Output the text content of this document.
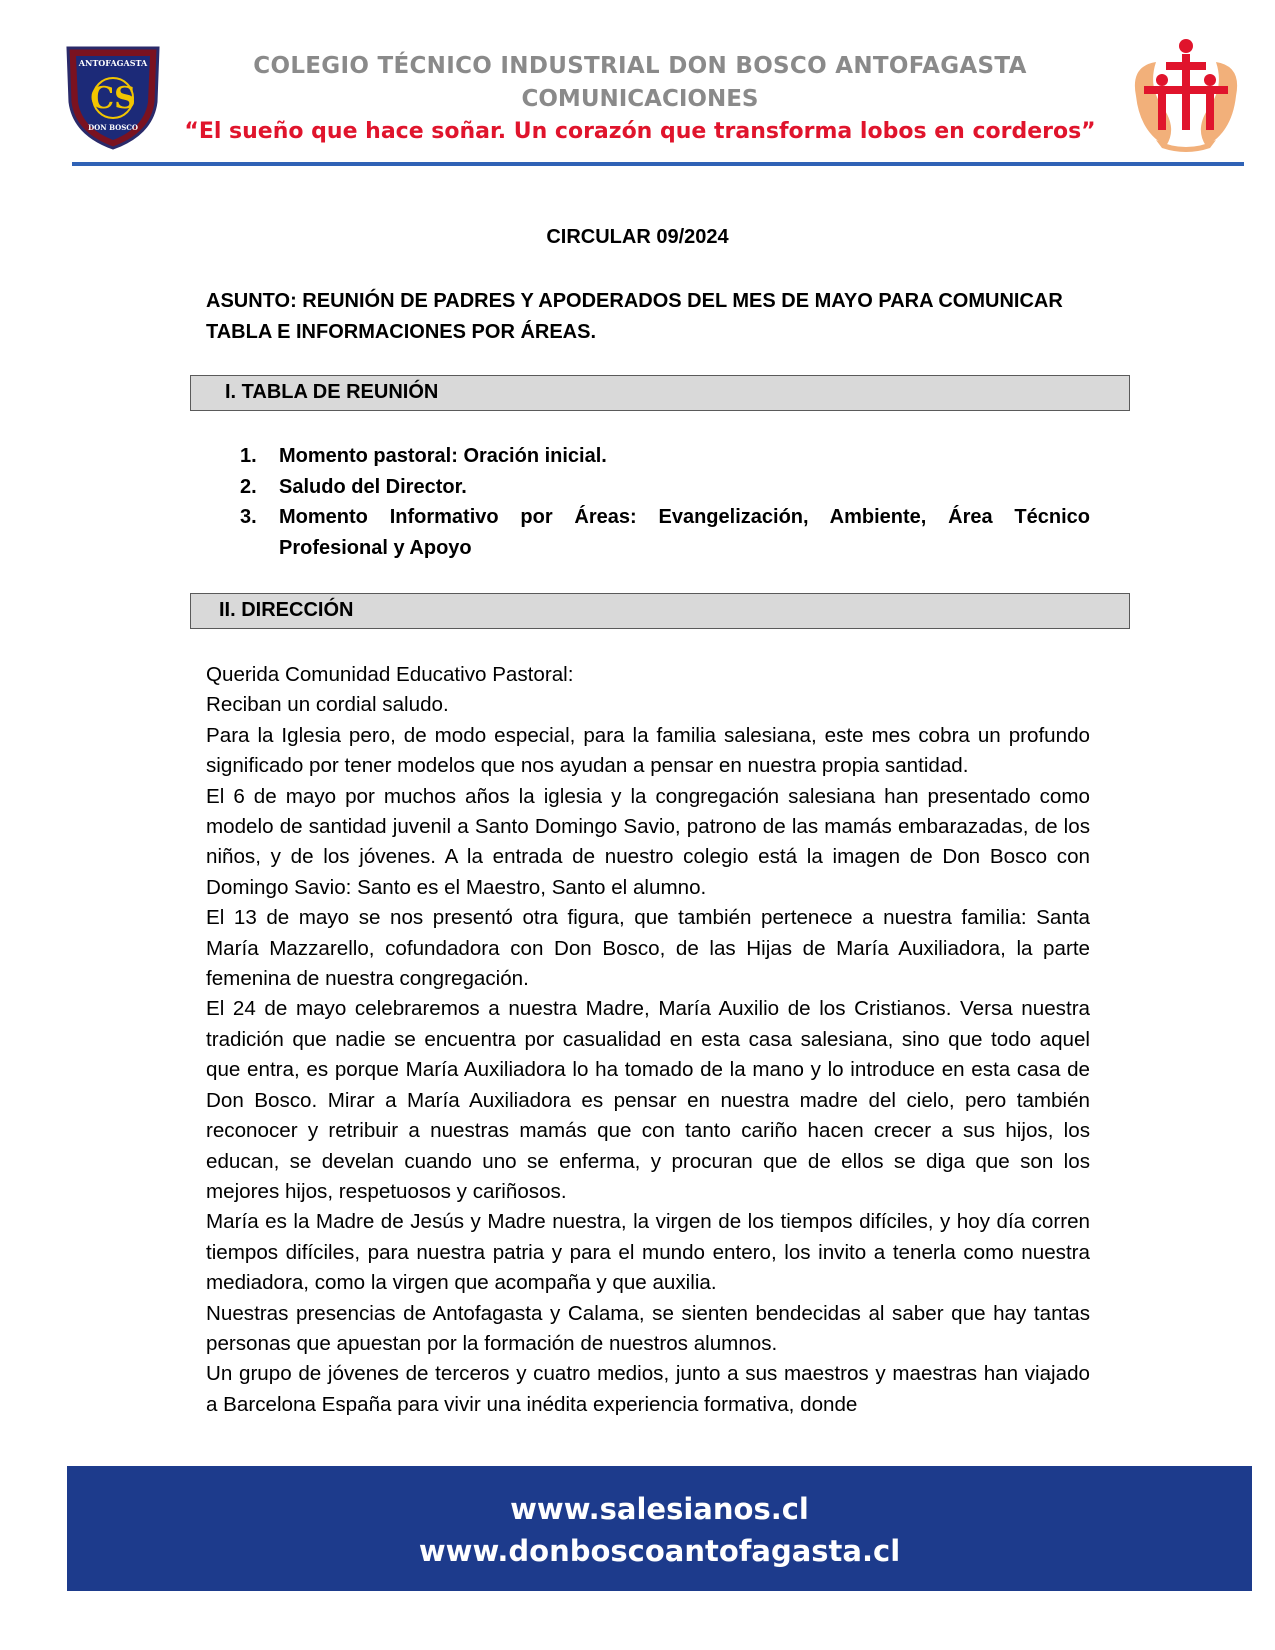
ANTOFAGASTA
CS
DON BOSCO
COLEGIO TÉCNICO INDUSTRIAL DON BOSCO ANTOFAGASTA
COMUNICACIONES
“El sueño que hace soñar. Un corazón que transforma lobos en corderos”
CIRCULAR 09/2024
ASUNTO: REUNIÓN DE PADRES Y APODERADOS DEL MES DE MAYO PARA COMUNICAR TABLA E INFORMACIONES POR ÁREAS.
I. TABLA DE REUNIÓN
1.	Momento pastoral: Oración inicial.
2.	Saludo del Director.
3.	Momento Informativo por Áreas: Evangelización, Ambiente, Área Técnico Profesional y Apoyo
II. DIRECCIÓN

Querida Comunidad Educativo Pastoral:

Reciban un cordial saludo.

Para la Iglesia pero, de modo especial, para la familia salesiana, este mes cobra un profundo significado por tener modelos que nos ayudan a pensar en nuestra propia santidad.

El 6 de mayo por muchos años la iglesia y la congregación salesiana han presentado como modelo de santidad juvenil a Santo Domingo Savio, patrono de las mamás embarazadas, de los niños, y de los jóvenes. A la entrada de nuestro colegio está la imagen de Don Bosco con Domingo Savio: Santo es el Maestro, Santo el alumno.

El 13 de mayo se nos presentó otra figura, que también pertenece a nuestra familia: Santa María Mazzarello, cofundadora con Don Bosco, de las Hijas de María Auxiliadora, la parte femenina de nuestra congregación.

El 24 de mayo celebraremos a nuestra Madre, María Auxilio de los Cristianos. Versa nuestra tradición que nadie se encuentra por casualidad en esta casa salesiana, sino que todo aquel que entra, es porque María Auxiliadora lo ha tomado de la mano y lo introduce en esta casa de Don Bosco. Mirar a María Auxiliadora es pensar en nuestra madre del cielo, pero también reconocer y retribuir a nuestras mamás que con tanto cariño hacen crecer a sus hijos, los educan, se develan cuando uno se enferma, y procuran que de ellos se diga que son los mejores hijos, respetuosos y cariñosos.

María es la Madre de Jesús y Madre nuestra, la virgen de los tiempos difíciles, y hoy día corren tiempos difíciles, para nuestra patria y para el mundo entero, los invito a tenerla como nuestra mediadora, como la virgen que acompaña y que auxilia.

Nuestras presencias de Antofagasta y Calama, se sienten bendecidas al saber que hay tantas personas que apuestan por la formación de nuestros alumnos.

Un grupo de jóvenes de terceros y cuatro medios, junto a sus maestros y maestras han viajado a Barcelona España para vivir una inédita experiencia formativa, donde

www.salesianos.cl
www.donboscoantofagasta.cl
